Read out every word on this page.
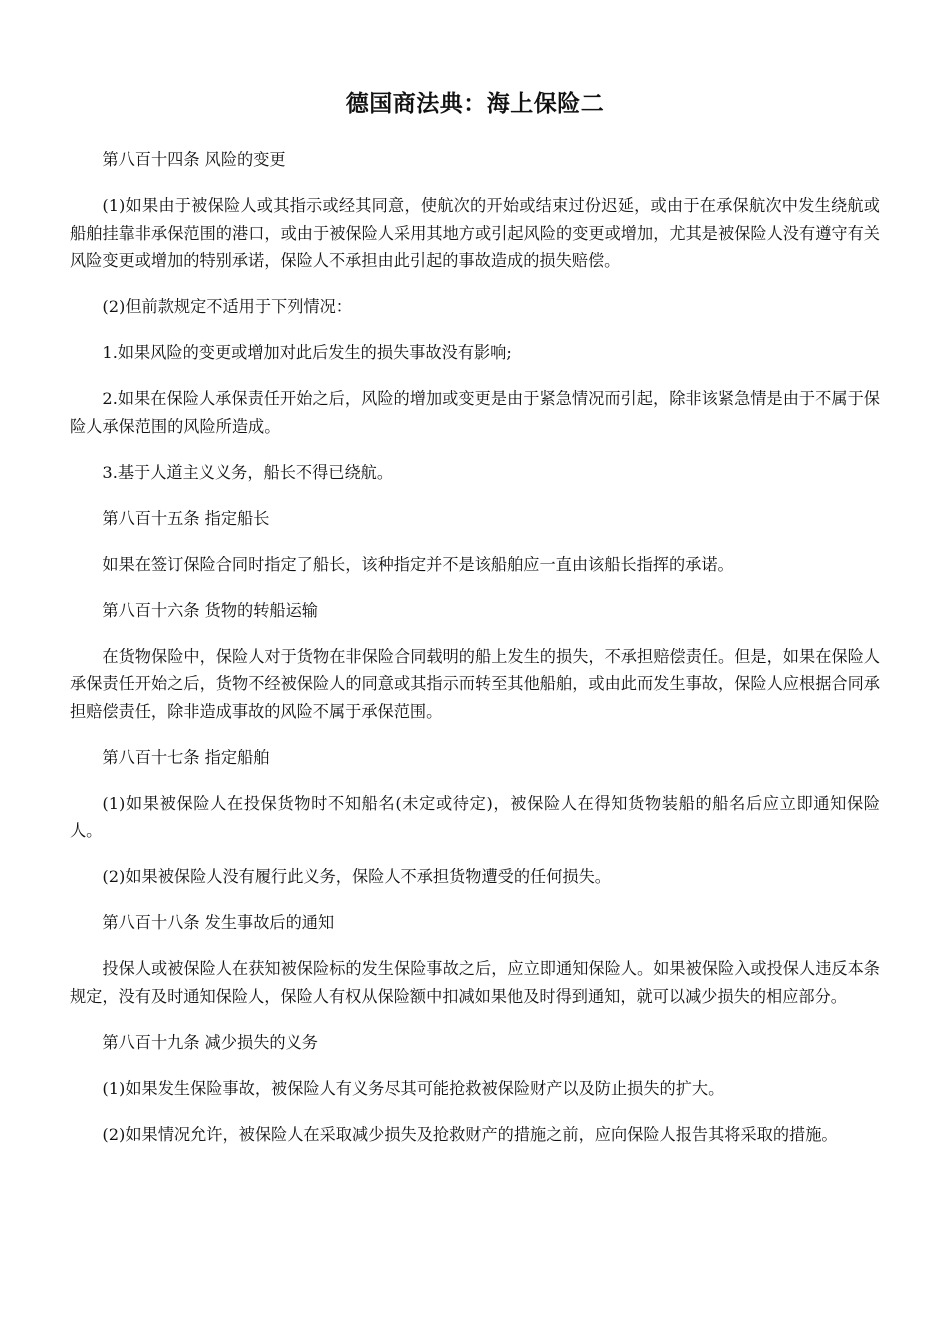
德国商法典：海上保险二

第八百十四条 风险的变更

(1)如果由于被保险人或其指示或经其同意，使航次的开始或结束过份迟延，或由于在承保航次中发生绕航或船舶挂靠非承保范围的港口，或由于被保险人采用其地方或引起风险的变更或增加，尤其是被保险人没有遵守有关风险变更或增加的特别承诺，保险人不承担由此引起的事故造成的损失赔偿。

(2)但前款规定不适用于下列情况：

1.如果风险的变更或增加对此后发生的损失事故没有影响;

2.如果在保险人承保责任开始之后，风险的增加或变更是由于紧急情况而引起，除非该紧急情是由于不属于保险人承保范围的风险所造成。

3.基于人道主义义务，船长不得已绕航。

第八百十五条 指定船长

如果在签订保险合同时指定了船长，该种指定并不是该船舶应一直由该船长指挥的承诺。

第八百十六条 货物的转船运输

在货物保险中，保险人对于货物在非保险合同载明的船上发生的损失，不承担赔偿责任。但是，如果在保险人承保责任开始之后，货物不经被保险人的同意或其指示而转至其他船舶，或由此而发生事故，保险人应根据合同承担赔偿责任，除非造成事故的风险不属于承保范围。

第八百十七条 指定船舶

(1)如果被保险人在投保货物时不知船名(未定或待定)，被保险人在得知货物装船的船名后应立即通知保险人。

(2)如果被保险人没有履行此义务，保险人不承担货物遭受的任何损失。

第八百十八条 发生事故后的通知

投保人或被保险人在获知被保险标的发生保险事故之后，应立即通知保险人。如果被保险入或投保人违反本条规定，没有及时通知保险人，保险人有权从保险额中扣减如果他及时得到通知，就可以减少损失的相应部分。

第八百十九条 减少损失的义务

(1)如果发生保险事故，被保险人有义务尽其可能抢救被保险财产以及防止损失的扩大。

(2)如果情况允许，被保险人在采取减少损失及抢救财产的措施之前，应向保险人报告其将采取的措施。
